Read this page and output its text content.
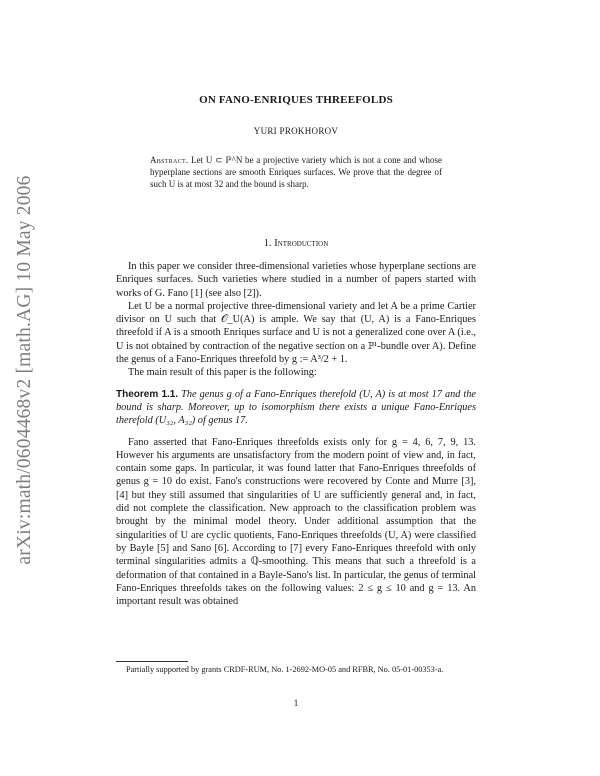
arXiv:math/0604468v2 [math.AG] 10 May 2006
ON FANO-ENRIQUES THREEFOLDS
YURI PROKHOROV
Abstract. Let U ⊂ ℙ^N be a projective variety which is not a cone and whose hyperplane sections are smooth Enriques surfaces. We prove that the degree of such U is at most 32 and the bound is sharp.
1. Introduction

In this paper we consider three-dimensional varieties whose hyperplane sections are Enriques surfaces. Such varieties where studied in a number of papers started with works of G. Fano [1] (see also [2]).

Let U be a normal projective three-dimensional variety and let A be a prime Cartier divisor on U such that 𝒪_U(A) is ample. We say that (U, A) is a Fano-Enriques threefold if A is a smooth Enriques surface and U is not a generalized cone over A (i.e., U is not obtained by contraction of the negative section on a ℙ¹-bundle over A). Define the genus of a Fano-Enriques threefold by g := A³/2 + 1.

The main result of this paper is the following:

Theorem 1.1. The genus g of a Fano-Enriques therefold (U, A) is at most 17 and the bound is sharp. Moreover, up to isomorphism there exists a unique Fano-Enriques therefold (U₃₂, A₃₂) of genus 17.

Fano asserted that Fano-Enriques threefolds exists only for g = 4, 6, 7, 9, 13. However his arguments are unsatisfactory from the modern point of view and, in fact, contain some gaps. In particular, it was found latter that Fano-Enriques threefolds of genus g = 10 do exist. Fano's constructions were recovered by Conte and Murre [3], [4] but they still assumed that singularities of U are sufficiently general and, in fact, did not complete the classification. New approach to the classification problem was brought by the minimal model theory. Under additional assumption that the singularities of U are cyclic quotients, Fano-Enriques threefolds (U, A) were classified by Bayle [5] and Sano [6]. According to [7] every Fano-Enriques threefold with only terminal singularities admits a ℚ-smoothing. This means that such a threefold is a deformation of that contained in a Bayle-Sano's list. In particular, the genus of terminal Fano-Enriques threefolds takes on the following values: 2 ≤ g ≤ 10 and g = 13. An important result was obtained

Partially supported by grants CRDF-RUM, No. 1-2692-MO-05 and RFBR, No. 05-01-00353-a.
1
